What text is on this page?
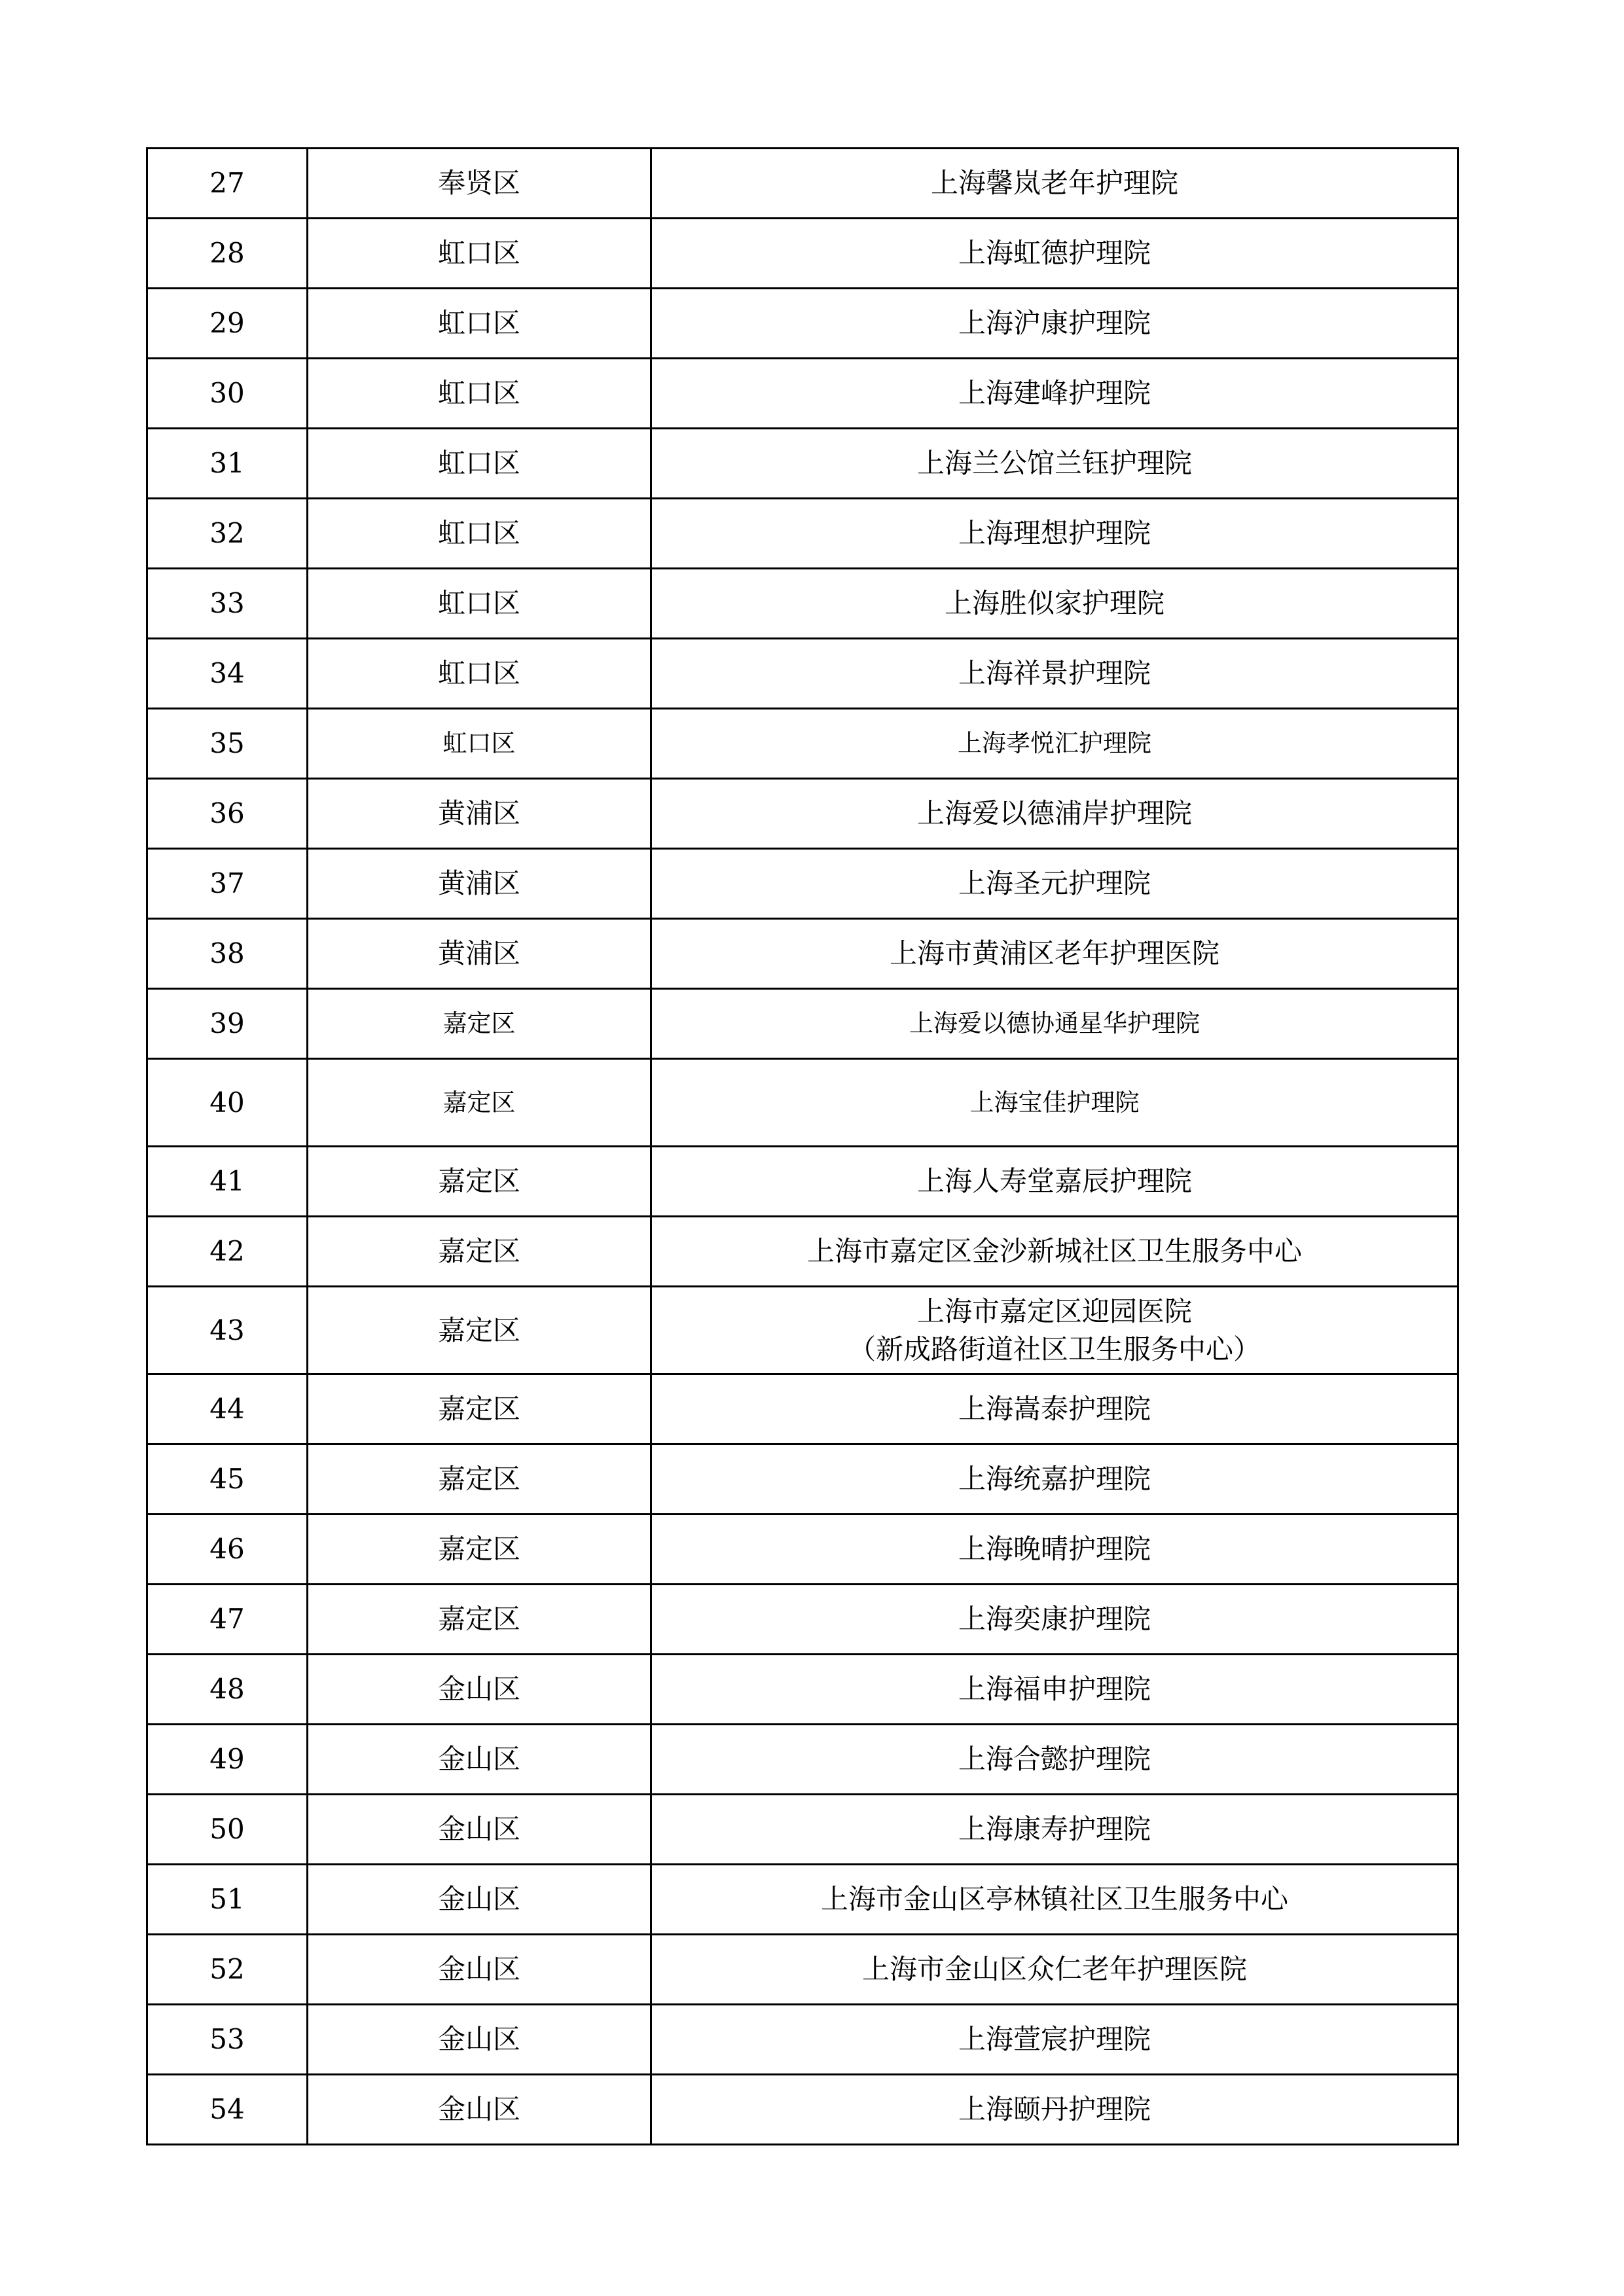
27	奉贤区	上海馨岚老年护理院
28	虹口区	上海虹德护理院
29	虹口区	上海沪康护理院
30	虹口区	上海建峰护理院
31	虹口区	上海兰公馆兰钰护理院
32	虹口区	上海理想护理院
33	虹口区	上海胜似家护理院
34	虹口区	上海祥景护理院
35	虹口区	上海孝悦汇护理院
36	黄浦区	上海爱以德浦岸护理院
37	黄浦区	上海圣元护理院
38	黄浦区	上海市黄浦区老年护理医院
39	嘉定区	上海爱以德协通星华护理院
40	嘉定区	上海宝佳护理院
41	嘉定区	上海人寿堂嘉辰护理院
42	嘉定区	上海市嘉定区金沙新城社区卫生服务中心
43	嘉定区	上海市嘉定区迎园医院
（新成路街道社区卫生服务中心）

44	嘉定区	上海嵩泰护理院
45	嘉定区	上海统嘉护理院
46	嘉定区	上海晚晴护理院
47	嘉定区	上海奕康护理院
48	金山区	上海福申护理院
49	金山区	上海合懿护理院
50	金山区	上海康寿护理院
51	金山区	上海市金山区亭林镇社区卫生服务中心
52	金山区	上海市金山区众仁老年护理医院
53	金山区	上海萱宸护理院
54	金山区	上海颐丹护理院
